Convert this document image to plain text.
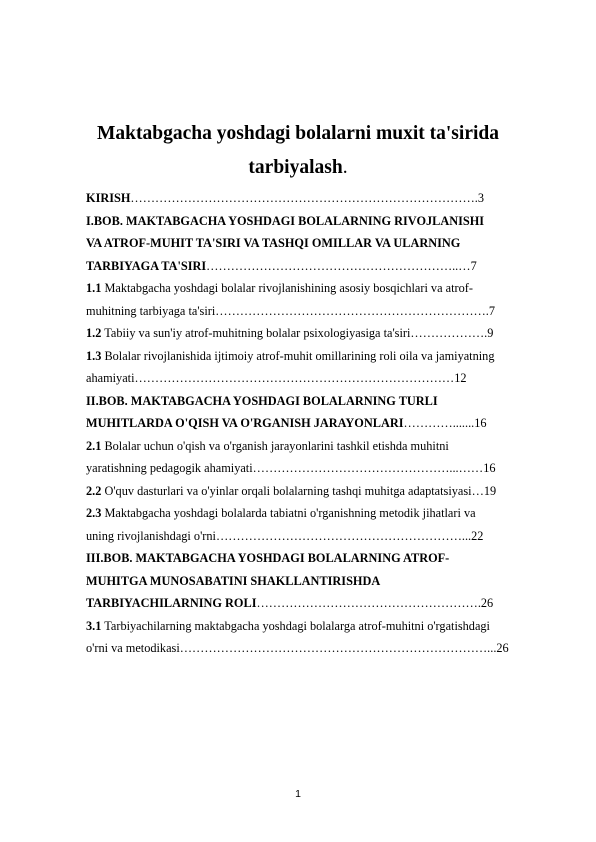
Maktabgacha yoshdagi bolalarni muxit ta'sirida
tarbiyalash.
KIRISH………………………………………………………………………….3
I.BOB. MAKTABGACHA YOSHDAGI BOLALARNING RIVOJLANISHI
VA ATROF-MUHIT TA'SIRI VA TASHQI OMILLAR VA ULARNING
TARBIYAGA TA'SIRI……………………………………………………..…7
1.1 Maktabgacha yoshdagi bolalar rivojlanishining asosiy bosqichlari va atrof-
muhitning tarbiyaga ta'siri………………………………………………………….7
1.2 Tabiiy va sun'iy atrof-muhitning bolalar psixologiyasiga ta'siri……………….9
1.3 Bolalar rivojlanishida ijtimoiy atrof-muhit omillarining roli oila va jamiyatning
ahamiyati……………………………………………………………………12
II.BOB. MAKTABGACHA YOSHDAGI BOLALARNING TURLI
MUHITLARDA O'QISH VA O'RGANISH JARAYONLARI………….......16
2.1 Bolalar uchun o'qish va o'rganish jarayonlarini tashkil etishda muhitni
yaratishning pedagogik ahamiyati…………………………………………...……16
2.2 O'quv dasturlari va o'yinlar orqali bolalarning tashqi muhitga adaptatsiyasi…19
2.3 Maktabgacha yoshdagi bolalarda tabiatni o'rganishning metodik jihatlari va
uning rivojlanishdagi o'rni……………………………………………………...22
III.BOB. MAKTABGACHA YOSHDAGI BOLALARNING ATROF-
MUHITGA MUNOSABATINI SHAKLLANTIRISHDA
TARBIYACHILARNING ROLI……………………………………………….26
3.1 Tarbiyachilarning maktabgacha yoshdagi bolalarga atrof-muhitni o'rgatishdagi
o'rni va metodikasi…………………………………………………………………...26
1
